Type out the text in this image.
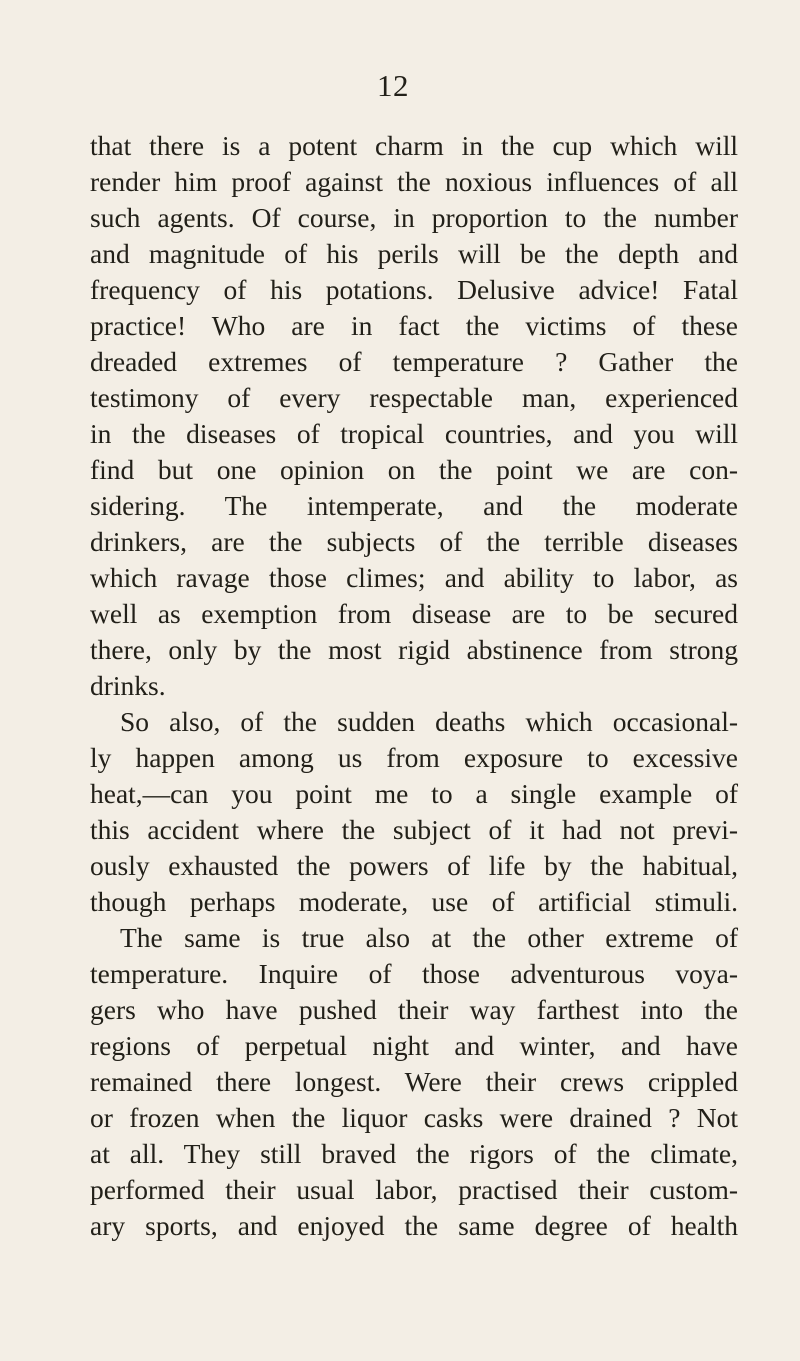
12
that there is a potent charm in the cup which will
render him proof against the noxious influences of all
such agents. Of course, in proportion to the number
and magnitude of his perils will be the depth and
frequency of his potations. Delusive advice! Fatal
practice! Who are in fact the victims of these
dreaded extremes of temperature ? Gather the
testimony of every respectable man, experienced
in the diseases of tropical countries, and you will
find but one opinion on the point we are con-
sidering. The intemperate, and the moderate
drinkers, are the subjects of the terrible diseases
which ravage those climes; and ability to labor, as
well as exemption from disease are to be secured
there, only by the most rigid abstinence from strong
drinks.
So also, of the sudden deaths which occasional-
ly happen among us from exposure to excessive
heat,—can you point me to a single example of
this accident where the subject of it had not previ-
ously exhausted the powers of life by the habitual,
though perhaps moderate, use of artificial stimuli.
The same is true also at the other extreme of
temperature. Inquire of those adventurous voya-
gers who have pushed their way farthest into the
regions of perpetual night and winter, and have
remained there longest. Were their crews crippled
or frozen when the liquor casks were drained ? Not
at all. They still braved the rigors of the climate,
performed their usual labor, practised their custom-
ary sports, and enjoyed the same degree of health
